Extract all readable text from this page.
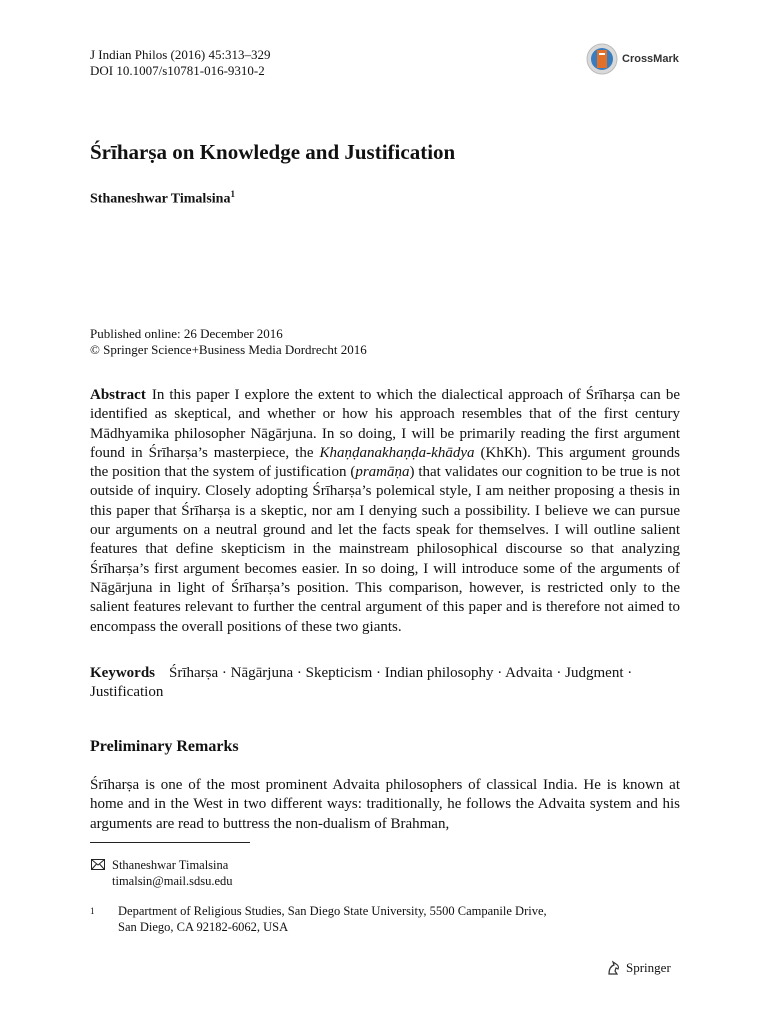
J Indian Philos (2016) 45:313–329
DOI 10.1007/s10781-016-9310-2
CrossMark
Śrīharṣa on Knowledge and Justification
Sthaneshwar Timalsina$^1$
Published online: 26 December 2016
© Springer Science+Business Media Dordrecht 2016
Abstract In this paper I explore the extent to which the dialectical approach of Śrīharṣa can be identified as skeptical, and whether or how his approach resembles that of the first century Mādhyamika philosopher Nāgārjuna. In so doing, I will be primarily reading the first argument found in Śrīharṣa’s masterpiece, the Khaṇḍanakhaṇḍa-khādya (KhKh). This argument grounds the position that the system of justification (pramāṇa) that validates our cognition to be true is not outside of inquiry. Closely adopting Śrīharṣa’s polemical style, I am neither proposing a thesis in this paper that Śrīharṣa is a skeptic, nor am I denying such a possibility. I believe we can pursue our arguments on a neutral ground and let the facts speak for themselves. I will outline salient features that define skepticism in the mainstream philosophical discourse so that analyzing Śrīharṣa’s first argument becomes easier. In so doing, I will introduce some of the arguments of Nāgārjuna in light of Śrīharṣa’s position. This comparison, however, is restricted only to the salient features relevant to further the central argument of this paper and is therefore not aimed to encompass the overall positions of these two giants.
Keywords Śrīharṣa · Nāgārjuna · Skepticism · Indian philosophy · Advaita · Judgment · Justification
Preliminary Remarks
Śrīharṣa is one of the most prominent Advaita philosophers of classical India. He is known at home and in the West in two different ways: traditionally, he follows the Advaita system and his arguments are read to buttress the non-dualism of Brahman,
Sthaneshwar Timalsina
timalsin@mail.sdsu.edu
1	Department of Religious Studies, San Diego State University, 5500 Campanile Drive,
San Diego, CA 92182-6062, USA
Springer
